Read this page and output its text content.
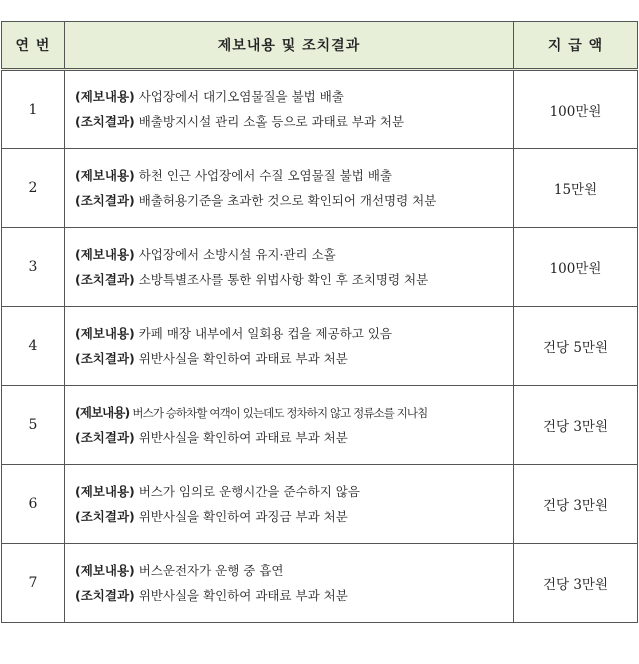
연 번	제보내용 및 조치결과	지 급 액
1	(제보내용) 사업장에서 대기오염물질을 불법 배출
(조치결과) 배출방지시설 관리 소홀 등으로 과태료 부과 처분	100만원
2	(제보내용) 하천 인근 사업장에서 수질 오염물질 불법 배출
(조치결과) 배출허용기준을 초과한 것으로 확인되어 개선명령 처분	15만원
3	(제보내용) 사업장에서 소방시설 유지·관리 소홀
(조치결과) 소방특별조사를 통한 위법사항 확인 후 조치명령 처분	100만원
4	(제보내용) 카페 매장 내부에서 일회용 컵을 제공하고 있음
(조치결과) 위반사실을 확인하여 과태료 부과 처분	건당 5만원
5	(제보내용) 버스가 승하차할 여객이 있는데도 정차하지 않고 정류소를 지나침
(조치결과) 위반사실을 확인하여 과태료 부과 처분	건당 3만원
6	(제보내용) 버스가 임의로 운행시간을 준수하지 않음
(조치결과) 위반사실을 확인하여 과징금 부과 처분	건당 3만원
7	(제보내용) 버스운전자가 운행 중 흡연
(조치결과) 위반사실을 확인하여 과태료 부과 처분	건당 3만원
